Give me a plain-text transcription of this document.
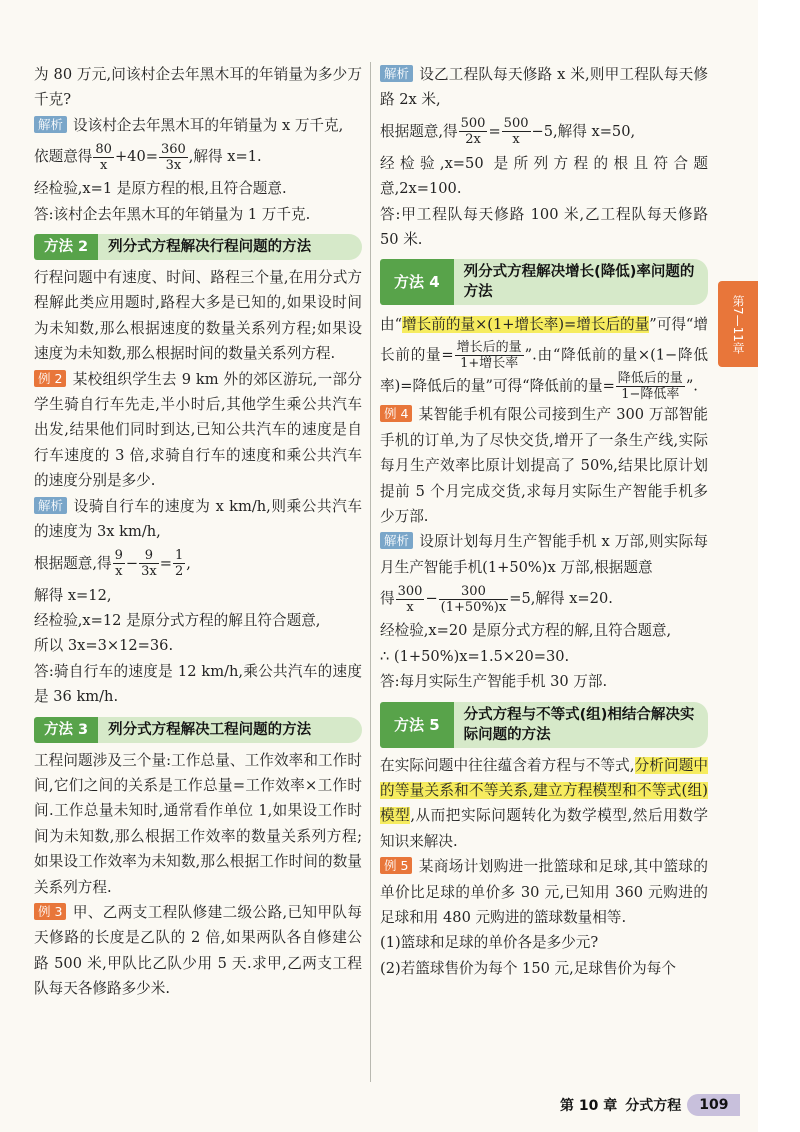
为 80 万元,问该村企去年黑木耳的年销量为多少万千克?

解析 设该村企去年黑木耳的年销量为 x 万千克,

依题意得 $\frac{80}{x} +40= \frac{360}{3x}$ ,解得 x=1.

经检验,x=1 是原方程的根,且符合题意.

答:该村企去年黑木耳的年销量为 1 万千克.

方法 2	列分式方程解决行程问题的方法

行程问题中有速度、时间、路程三个量,在用分式方程解此类应用题时,路程大多是已知的,如果设时间为未知数,那么根据速度的数量关系列方程;如果设速度为未知数,那么根据时间的数量关系列方程.

例 2 某校组织学生去 9 km 外的郊区游玩,一部分学生骑自行车先走,半小时后,其他学生乘公共汽车出发,结果他们同时到达,已知公共汽车的速度是自行车速度的 3 倍,求骑自行车的速度和乘公共汽车的速度分别是多少.

解析 设骑自行车的速度为 x km/h,则乘公共汽车的速度为 3x km/h,

根据题意,得 $\frac{9}{x} - \frac{9}{3x} = \frac{1}{2}$ ,

解得 x=12,

经检验,x=12 是原分式方程的解且符合题意,

所以 3x=3×12=36.

答:骑自行车的速度是 12 km/h,乘公共汽车的速度是 36 km/h.

方法 3	列分式方程解决工程问题的方法

工程问题涉及三个量:工作总量、工作效率和工作时间,它们之间的关系是工作总量=工作效率×工作时间.工作总量未知时,通常看作单位 1,如果设工作时间为未知数,那么根据工作效率的数量关系列方程;如果设工作效率为未知数,那么根据工作时间的数量关系列方程.

例 3 甲、乙两支工程队修建二级公路,已知甲队每天修路的长度是乙队的 2 倍,如果两队各自修建公路 500 米,甲队比乙队少用 5 天.求甲,乙两支工程队每天各修路多少米.

解析 设乙工程队每天修路 x 米,则甲工程队每天修路 2x 米,

根据题意,得 $\frac{500}{2x} = \frac{500}{x} -5$,解得 x=50,

经检验,x=50 是所列方程的根且符合题意,2x=100.

答:甲工程队每天修路 100 米,乙工程队每天修路 50 米.

方法 4
列分式方程解决增长(降低)率问题的方法

由“增长前的量×(1+增长率)=增长后的量”可得“增长前的量= $\frac{\text{增长后的量}}{\text{1+增长率}}$ ”.由“降低前的量×(1−降低率)=降低后的量”可得“降低前的量= $\frac{\text{降低后的量}}{\text{1−降低率}}$ ”.

例 4 某智能手机有限公司接到生产 300 万部智能手机的订单,为了尽快交货,增开了一条生产线,实际每月生产效率比原计划提高了 50%,结果比原计划提前 5 个月完成交货,求每月实际生产智能手机多少万部.

解析 设原计划每月生产智能手机 x 万部,则实际每月生产智能手机(1+50%)x 万部,根据题意

得 $\frac{300}{x} - \frac{300}{(1+50\%)x} =5$,解得 x=20.

经检验,x=20 是原分式方程的解,且符合题意,

∴ (1+50%)x=1.5×20=30.

答:每月实际生产智能手机 30 万部.

方法 5
分式方程与不等式(组)相结合解决实际问题的方法

在实际问题中往往蕴含着方程与不等式,分析问题中的等量关系和不等关系,建立方程模型和不等式(组)模型,从而把实际问题转化为数学模型,然后用数学知识来解决.

例 5 某商场计划购进一批篮球和足球,其中篮球的单价比足球的单价多 30 元,已知用 360 元购进的足球和用 480 元购进的篮球数量相等.

(1)篮球和足球的单价各是多少元?

(2)若篮球售价为每个 150 元,足球售价为每个

第7—11章
第 10 章 分式方程	109
